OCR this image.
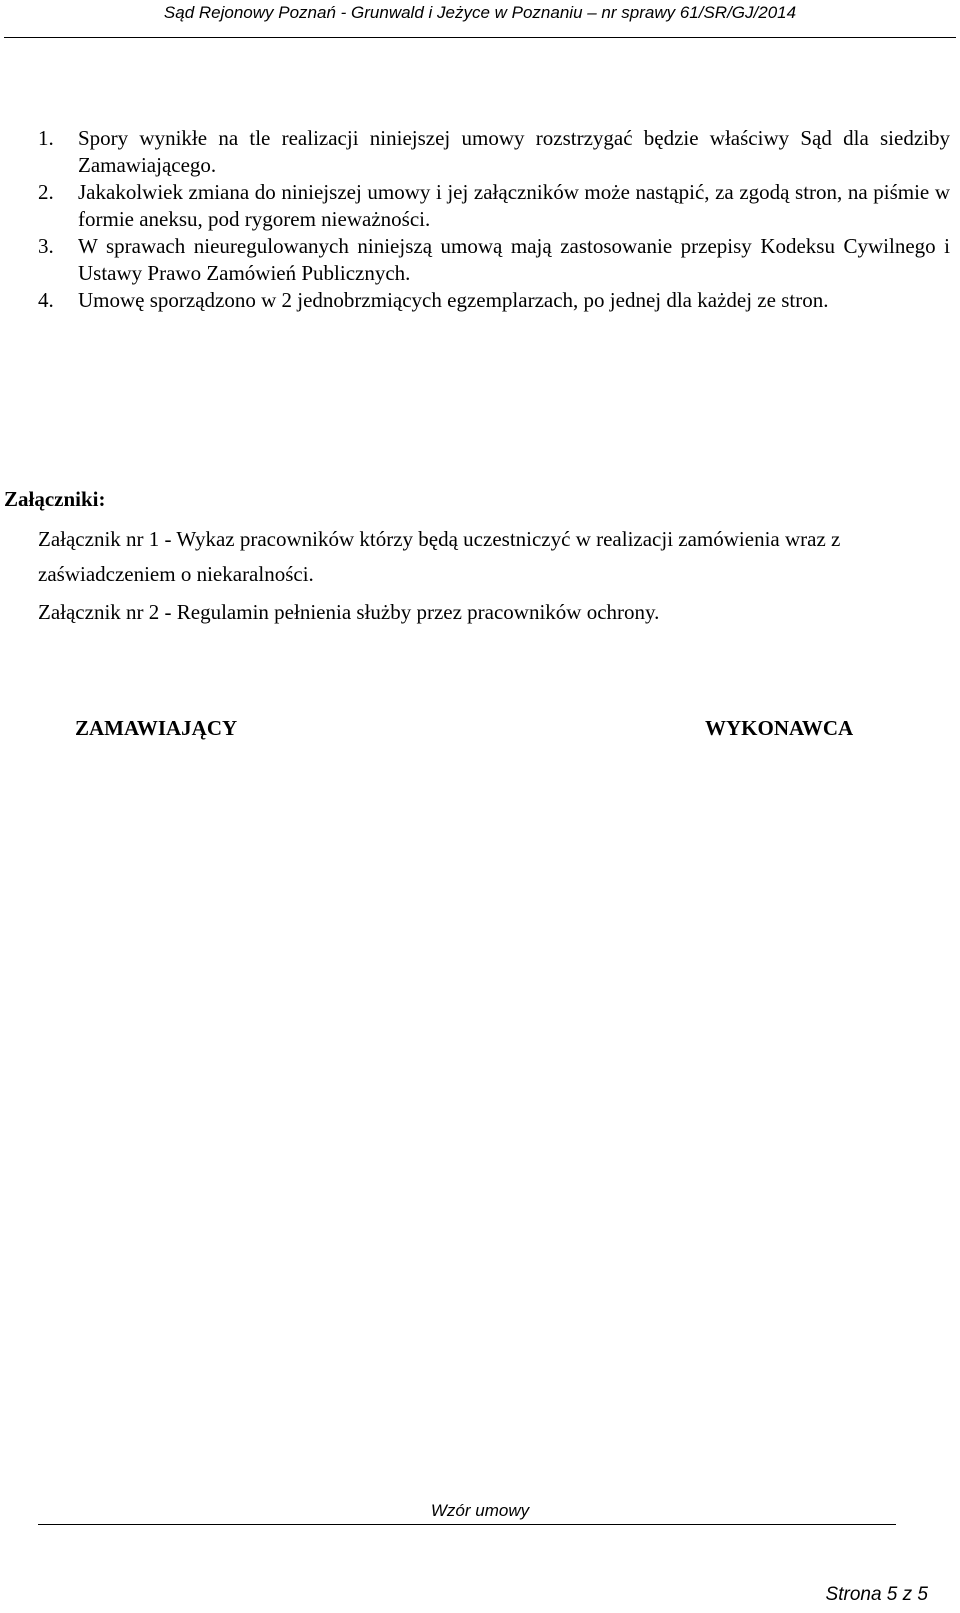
Sąd Rejonowy Poznań - Grunwald i Jeżyce w Poznaniu – nr sprawy 61/SR/GJ/2014
1. Spory wynikłe na tle realizacji niniejszej umowy rozstrzygać będzie właściwy Sąd dla siedziby Zamawiającego.
2. Jakakolwiek zmiana do niniejszej umowy i jej załączników może nastąpić, za zgodą stron, na piśmie w formie aneksu, pod rygorem nieważności.
3. W sprawach nieuregulowanych niniejszą umową mają zastosowanie przepisy Kodeksu Cywilnego i Ustawy Prawo Zamówień Publicznych.
4. Umowę sporządzono w 2 jednobrzmiących egzemplarzach, po jednej dla każdej ze stron.
Załączniki:
Załącznik nr 1 - Wykaz pracowników którzy będą uczestniczyć w realizacji zamówienia wraz z zaświadczeniem o niekaralności.
Załącznik nr 2 - Regulamin pełnienia służby przez pracowników ochrony.
ZAMAWIAJĄCY	WYKONAWCA
Wzór umowy
Strona 5 z 5
